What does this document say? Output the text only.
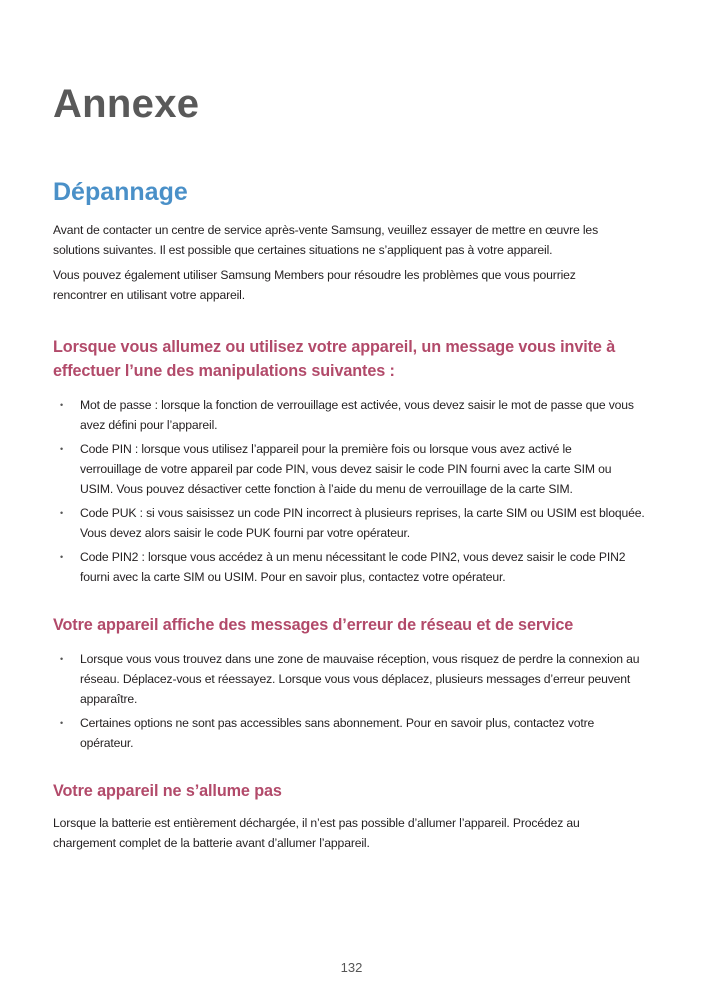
Annexe
Dépannage

Avant de contacter un centre de service après-vente Samsung, veuillez essayer de mettre en œuvre les solutions suivantes. Il est possible que certaines situations ne s’appliquent pas à votre appareil.

Vous pouvez également utiliser Samsung Members pour résoudre les problèmes que vous pourriez rencontrer en utilisant votre appareil.

Lorsque vous allumez ou utilisez votre appareil, un message vous invite à effectuer l’une des manipulations suivantes :
• Mot de passe : lorsque la fonction de verrouillage est activée, vous devez saisir le mot de passe que vous avez défini pour l’appareil.
• Code PIN : lorsque vous utilisez l’appareil pour la première fois ou lorsque vous avez activé le verrouillage de votre appareil par code PIN, vous devez saisir le code PIN fourni avec la carte SIM ou USIM. Vous pouvez désactiver cette fonction à l’aide du menu de verrouillage de la carte SIM.
• Code PUK : si vous saisissez un code PIN incorrect à plusieurs reprises, la carte SIM ou USIM est bloquée. Vous devez alors saisir le code PUK fourni par votre opérateur.
• Code PIN2 : lorsque vous accédez à un menu nécessitant le code PIN2, vous devez saisir le code PIN2 fourni avec la carte SIM ou USIM. Pour en savoir plus, contactez votre opérateur.
Votre appareil affiche des messages d’erreur de réseau et de service
• Lorsque vous vous trouvez dans une zone de mauvaise réception, vous risquez de perdre la connexion au réseau. Déplacez-vous et réessayez. Lorsque vous vous déplacez, plusieurs messages d’erreur peuvent apparaître.
• Certaines options ne sont pas accessibles sans abonnement. Pour en savoir plus, contactez votre opérateur.
Votre appareil ne s’allume pas

Lorsque la batterie est entièrement déchargée, il n’est pas possible d’allumer l’appareil. Procédez au chargement complet de la batterie avant d’allumer l’appareil.

132
